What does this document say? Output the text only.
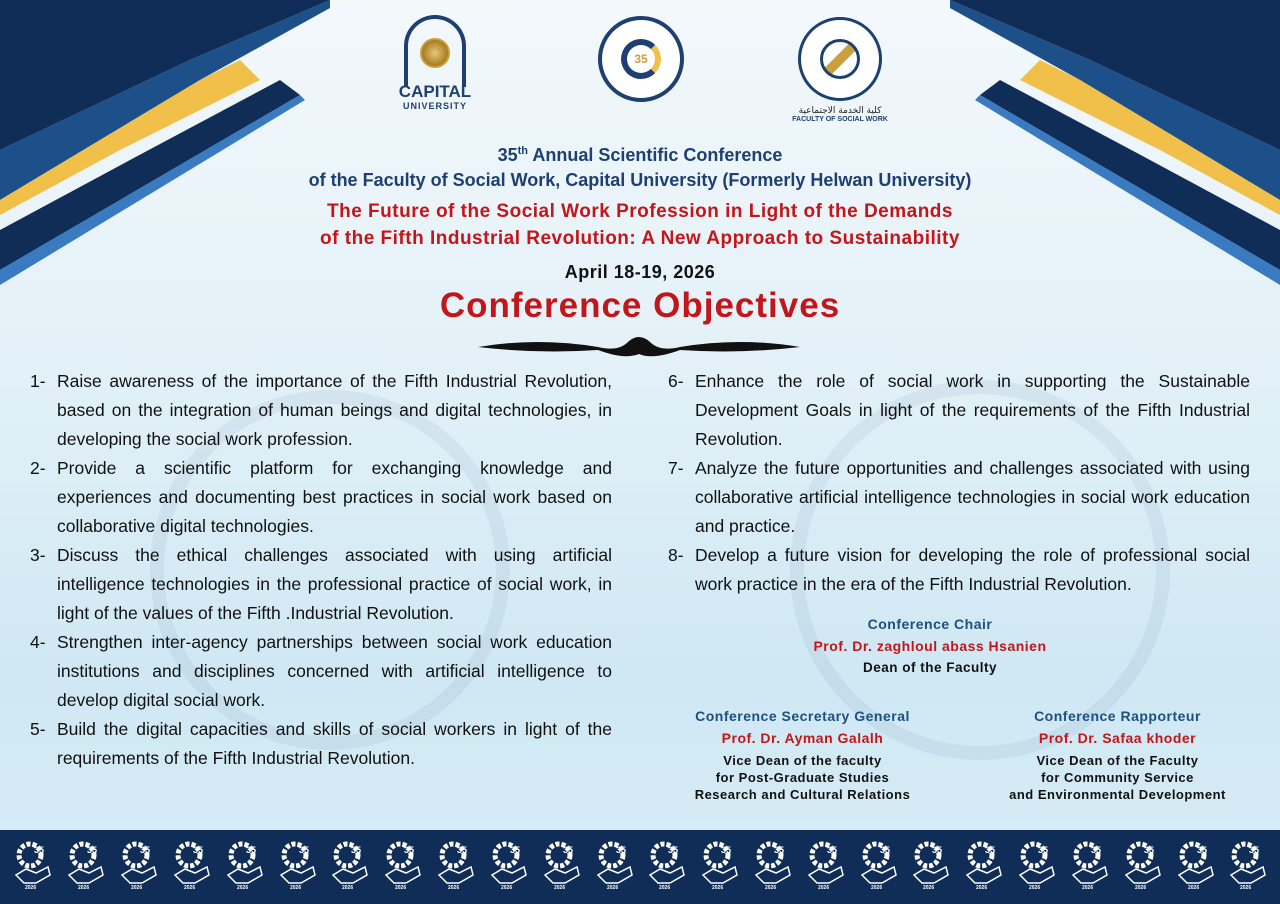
CAPITAL
UNIVERSITY
35
كلية الخدمة الاجتماعية
FACULTY OF SOCIAL WORK
35th Annual Scientific Conference
of the Faculty of Social Work, Capital University (Formerly Helwan University)
The Future of the Social Work Profession in Light of the Demands
of the Fifth Industrial Revolution: A New Approach to Sustainability
April 18-19, 2026
Conference Objectives
1- Raise awareness of the importance of the Fifth Industrial Revolution, based on the integration of human beings and digital technologies, in developing the social work profession.
2- Provide a scientific platform for exchanging knowledge and experiences and documenting best practices in social work based on collaborative digital technologies.
3- Discuss the ethical challenges associated with using artificial intelligence technologies in the professional practice of social work, in light of the values of the Fifth .Industrial Revolution.
4- Strengthen inter-agency partnerships between social work education institutions and disciplines concerned with artificial intelligence to develop digital social work.
5- Build the digital capacities and skills of social workers in light of the requirements of the Fifth Industrial Revolution.
6- Enhance the role of social work in supporting the Sustainable Development Goals in light of the requirements of the Fifth Industrial Revolution.
7- Analyze the future opportunities and challenges associated with using collaborative artificial intelligence technologies in social work education and practice.
8- Develop a future vision for developing the role of professional social work practice in the era of the Fifth Industrial Revolution.
Conference Chair
Prof. Dr. zaghloul abass Hsanien
Dean of the Faculty
Conference Secretary General
Prof. Dr. Ayman Galalh
Vice Dean of the faculty
for Post-Graduate Studies
Research and Cultural Relations
Conference Rapporteur
Prof. Dr. Safaa khoder
Vice Dean of the Faculty
for Community Service
and Environmental Development
35
2026
35
2026
35
2026
35
2026
35
2026
35
2026
35
2026
35
2026
35
2026
35
2026
35
2026
35
2026
35
2026
35
2026
35
2026
35
2026
35
2026
35
2026
35
2026
35
2026
35
2026
35
2026
35
2026
35
2026
